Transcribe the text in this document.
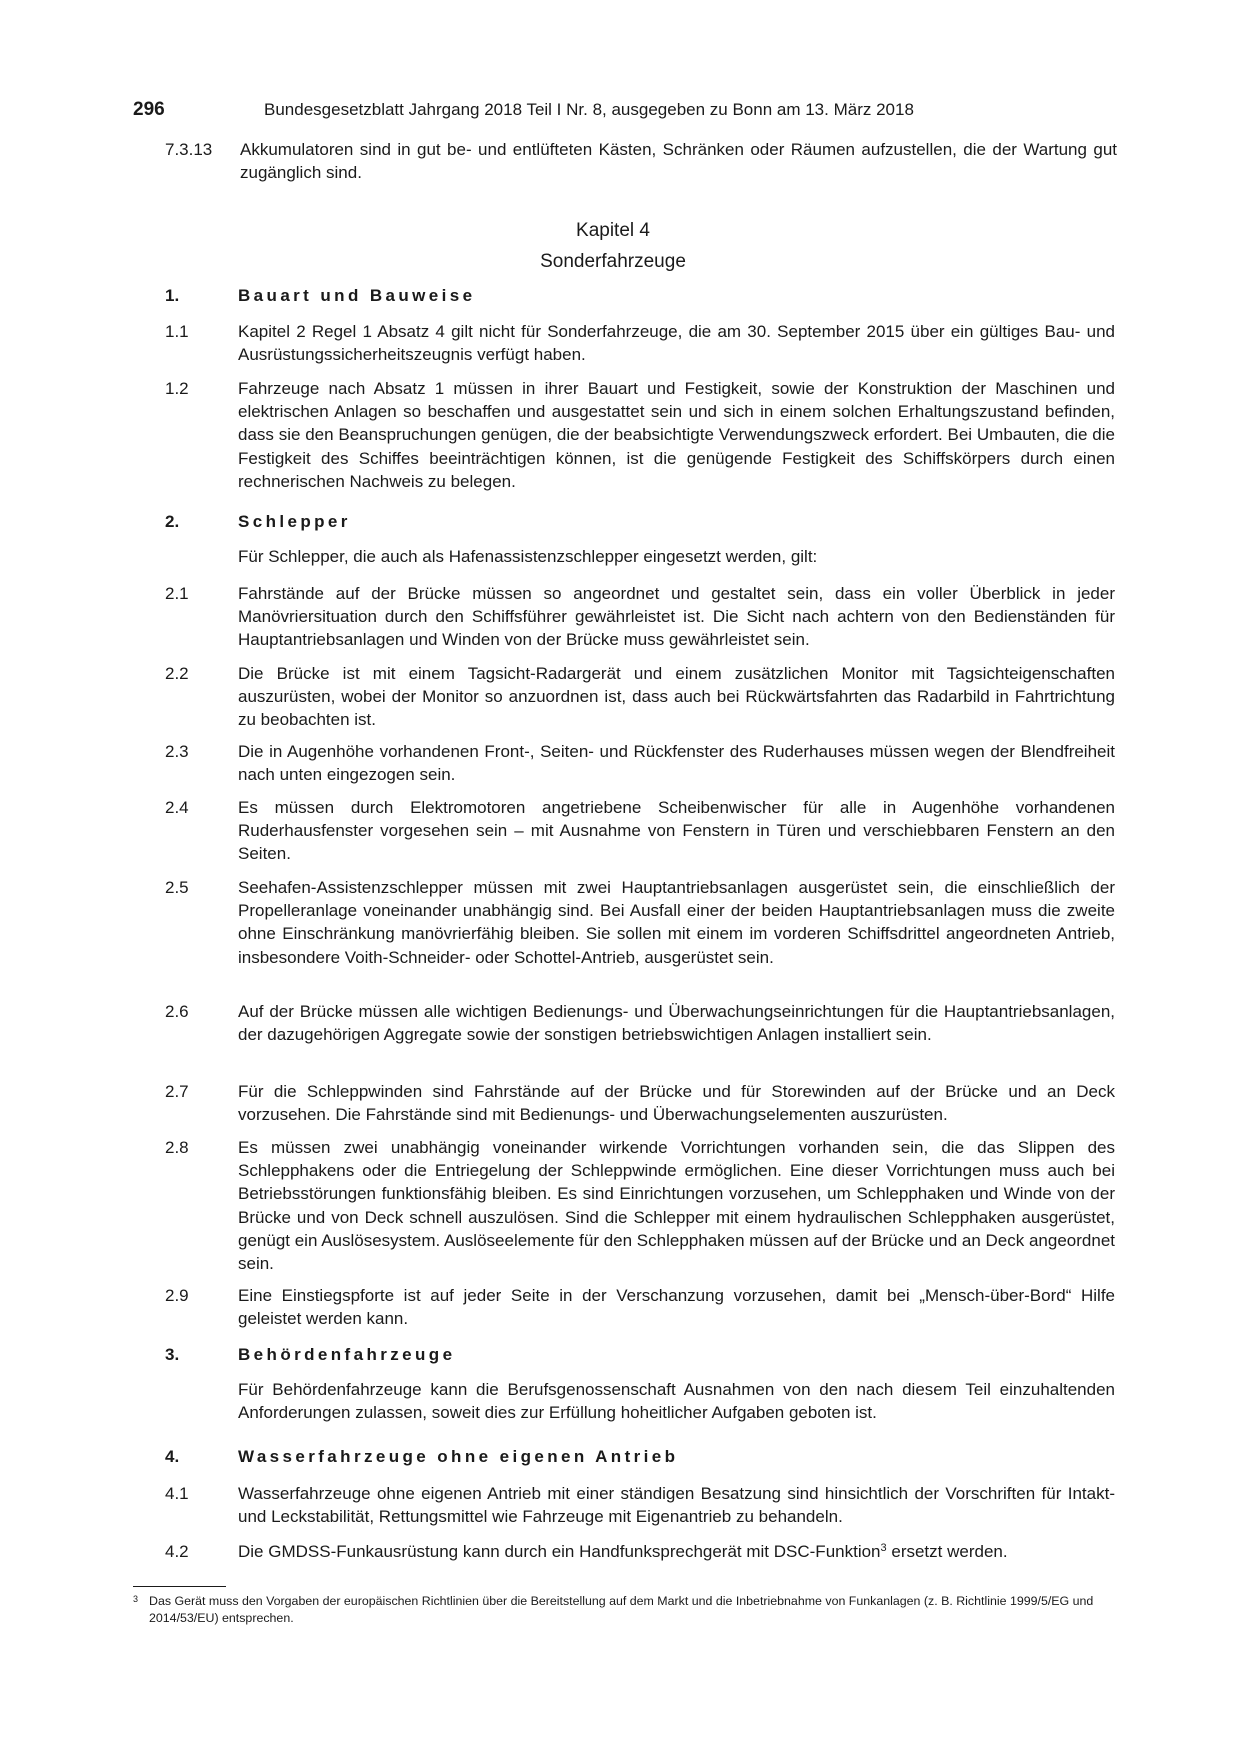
296	Bundesgesetzblatt Jahrgang 2018 Teil I Nr. 8, ausgegeben zu Bonn am 13. März 2018
7.3.13 Akkumulatoren sind in gut be- und entlüfteten Kästen, Schränken oder Räumen aufzustellen, die der Wartung gut zugänglich sind.
Kapitel 4
Sonderfahrzeuge
1.	Bauart und Bauweise
1.1	Kapitel 2 Regel 1 Absatz 4 gilt nicht für Sonderfahrzeuge, die am 30. September 2015 über ein gültiges Bau- und Ausrüstungssicherheitszeugnis verfügt haben.
1.2	Fahrzeuge nach Absatz 1 müssen in ihrer Bauart und Festigkeit, sowie der Konstruktion der Maschinen und elektrischen Anlagen so beschaffen und ausgestattet sein und sich in einem solchen Erhaltungszustand befinden, dass sie den Beanspruchungen genügen, die der beabsichtigte Verwendungszweck erfordert. Bei Umbauten, die die Festigkeit des Schiffes beeinträchtigen können, ist die genügende Festigkeit des Schiffskörpers durch einen rechnerischen Nachweis zu belegen.
2.	Schlepper
Für Schlepper, die auch als Hafenassistenzschlepper eingesetzt werden, gilt:
2.1	Fahrstände auf der Brücke müssen so angeordnet und gestaltet sein, dass ein voller Überblick in jeder Manövriersituation durch den Schiffsführer gewährleistet ist. Die Sicht nach achtern von den Bedienständen für Hauptantriebsanlagen und Winden von der Brücke muss gewährleistet sein.
2.2	Die Brücke ist mit einem Tagsicht-Radargerät und einem zusätzlichen Monitor mit Tagsichteigenschaften auszurüsten, wobei der Monitor so anzuordnen ist, dass auch bei Rückwärtsfahrten das Radarbild in Fahrtrichtung zu beobachten ist.
2.3	Die in Augenhöhe vorhandenen Front-, Seiten- und Rückfenster des Ruderhauses müssen wegen der Blendfreiheit nach unten eingezogen sein.
2.4	Es müssen durch Elektromotoren angetriebene Scheibenwischer für alle in Augenhöhe vorhandenen Ruderhausfenster vorgesehen sein – mit Ausnahme von Fenstern in Türen und verschiebbaren Fenstern an den Seiten.
2.5	Seehafen-Assistenzschlepper müssen mit zwei Hauptantriebsanlagen ausgerüstet sein, die einschließlich der Propelleranlage voneinander unabhängig sind. Bei Ausfall einer der beiden Hauptantriebsanlagen muss die zweite ohne Einschränkung manövrierfähig bleiben. Sie sollen mit einem im vorderen Schiffsdrittel angeordneten Antrieb, insbesondere Voith-Schneider- oder Schottel-Antrieb, ausgerüstet sein.
2.6	Auf der Brücke müssen alle wichtigen Bedienungs- und Überwachungseinrichtungen für die Hauptantriebsanlagen, der dazugehörigen Aggregate sowie der sonstigen betriebswichtigen Anlagen installiert sein.
2.7	Für die Schleppwinden sind Fahrstände auf der Brücke und für Storewinden auf der Brücke und an Deck vorzusehen. Die Fahrstände sind mit Bedienungs- und Überwachungselementen auszurüsten.
2.8	Es müssen zwei unabhängig voneinander wirkende Vorrichtungen vorhanden sein, die das Slippen des Schlepphakens oder die Entriegelung der Schleppwinde ermöglichen. Eine dieser Vorrichtungen muss auch bei Betriebsstörungen funktionsfähig bleiben. Es sind Einrichtungen vorzusehen, um Schlepphaken und Winde von der Brücke und von Deck schnell auszulösen. Sind die Schlepper mit einem hydraulischen Schlepphaken ausgerüstet, genügt ein Auslösesystem. Auslöseelemente für den Schlepphaken müssen auf der Brücke und an Deck angeordnet sein.
2.9	Eine Einstiegspforte ist auf jeder Seite in der Verschanzung vorzusehen, damit bei „Mensch-über-Bord“ Hilfe geleistet werden kann.
3.	Behördenfahrzeuge
Für Behördenfahrzeuge kann die Berufsgenossenschaft Ausnahmen von den nach diesem Teil einzuhaltenden Anforderungen zulassen, soweit dies zur Erfüllung hoheitlicher Aufgaben geboten ist.
4.	Wasserfahrzeuge ohne eigenen Antrieb
4.1	Wasserfahrzeuge ohne eigenen Antrieb mit einer ständigen Besatzung sind hinsichtlich der Vorschriften für Intakt- und Leckstabilität, Rettungsmittel wie Fahrzeuge mit Eigenantrieb zu behandeln.
4.2	Die GMDSS-Funkausrüstung kann durch ein Handfunksprechgerät mit DSC-Funktion$^3$ ersetzt werden.
3 Das Gerät muss den Vorgaben der europäischen Richtlinien über die Bereitstellung auf dem Markt und die Inbetriebnahme von Funkanlagen (z. B. Richtlinie 1999/5/EG und 2014/53/EU) entsprechen.
